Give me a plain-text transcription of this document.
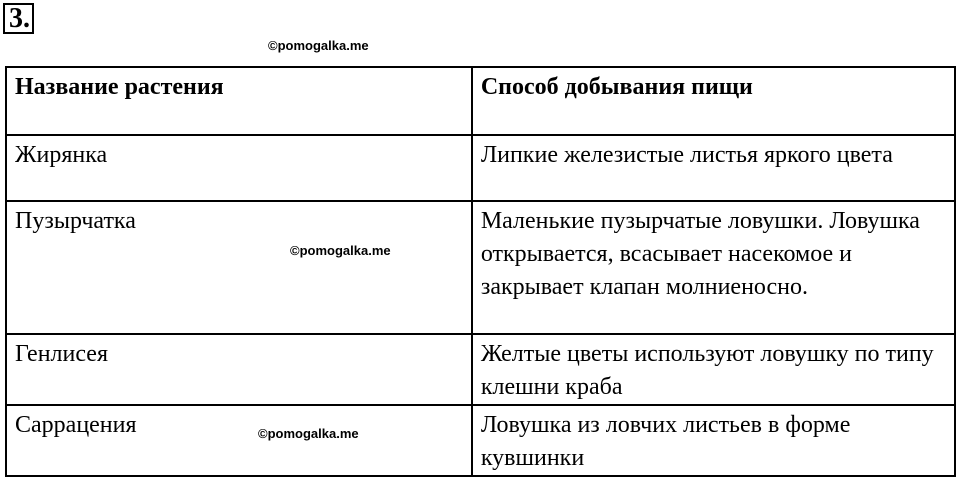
3.
©pomogalka.me
Название растения	Способ добывания пищи
Жирянка	Липкие железистые листья яркого цвета
Пузырчатка	Маленькие пузырчатые ловушки. Ловушка открывается, всасывает насекомое и закрывает клапан молниеносно.
Генлисея	Желтые цветы используют ловушку по типу клешни краба
Саррацения	Ловушка из ловчих листьев в форме кувшинки
©pomogalka.me
©pomogalka.me
